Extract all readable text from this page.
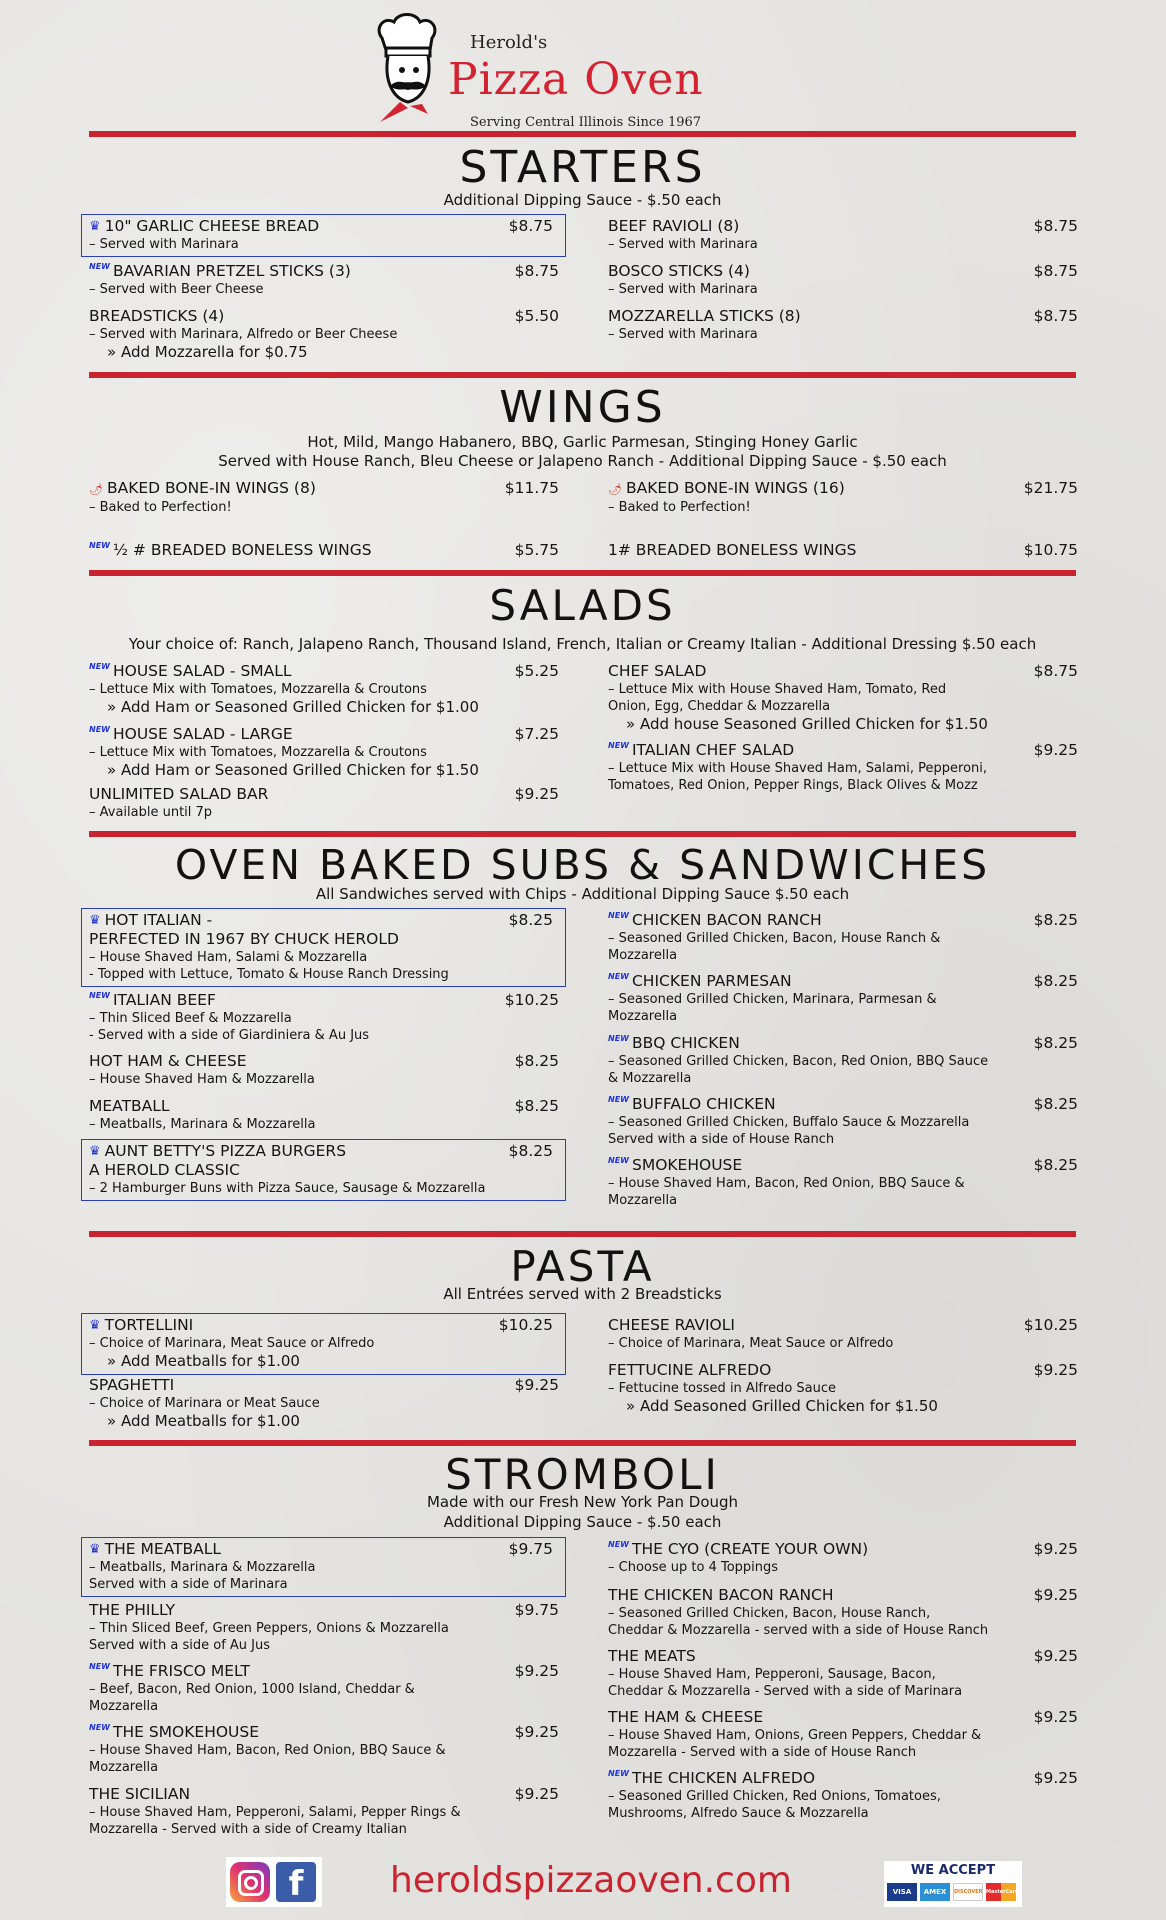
Herold's
Pizza Oven
Serving Central Illinois Since 1967
STARTERS
Additional Dipping Sauce - $.50 each
♛ 10" GARLIC CHEESE BREAD	$8.75
– Served with Marinara
NEW BAVARIAN PRETZEL STICKS (3)	$8.75
– Served with Beer Cheese
BREADSTICKS (4)	$5.50
– Served with Marinara, Alfredo or Beer Cheese
» Add Mozzarella for $0.75
BEEF RAVIOLI (8)	$8.75
– Served with Marinara
BOSCO STICKS (4)	$8.75
– Served with Marinara
MOZZARELLA STICKS (8)	$8.75
– Served with Marinara
WINGS
Hot, Mild, Mango Habanero, BBQ, Garlic Parmesan, Stinging Honey Garlic
Served with House Ranch, Bleu Cheese or Jalapeno Ranch - Additional Dipping Sauce - $.50 each
🌶 BAKED BONE-IN WINGS (8)	$11.75
– Baked to Perfection!
NEW ½ # BREADED BONELESS WINGS	$5.75
🌶 BAKED BONE-IN WINGS (16)	$21.75
– Baked to Perfection!
1# BREADED BONELESS WINGS	$10.75
SALADS
Your choice of: Ranch, Jalapeno Ranch, Thousand Island, French, Italian or Creamy Italian - Additional Dressing $.50 each
NEW HOUSE SALAD - SMALL	$5.25
– Lettuce Mix with Tomatoes, Mozzarella & Croutons
» Add Ham or Seasoned Grilled Chicken for $1.00
NEW HOUSE SALAD - LARGE	$7.25
– Lettuce Mix with Tomatoes, Mozzarella & Croutons
» Add Ham or Seasoned Grilled Chicken for $1.50
UNLIMITED SALAD BAR	$9.25
– Available until 7p
CHEF SALAD	$8.75
– Lettuce Mix with House Shaved Ham, Tomato, Red
Onion, Egg, Cheddar & Mozzarella
» Add house Seasoned Grilled Chicken for $1.50
NEW ITALIAN CHEF SALAD	$9.25
– Lettuce Mix with House Shaved Ham, Salami, Pepperoni,
Tomatoes, Red Onion, Pepper Rings, Black Olives & Mozz
OVEN BAKED SUBS & SANDWICHES
All Sandwiches served with Chips - Additional Dipping Sauce $.50 each
♛ HOT ITALIAN -	$8.25
PERFECTED IN 1967 BY CHUCK HEROLD
– House Shaved Ham, Salami & Mozzarella
- Topped with Lettuce, Tomato & House Ranch Dressing
NEW ITALIAN BEEF	$10.25
– Thin Sliced Beef & Mozzarella
- Served with a side of Giardiniera & Au Jus
HOT HAM & CHEESE	$8.25
– House Shaved Ham & Mozzarella
MEATBALL	$8.25
– Meatballs, Marinara & Mozzarella
♛ AUNT BETTY'S PIZZA BURGERS	$8.25
A HEROLD CLASSIC
– 2 Hamburger Buns with Pizza Sauce, Sausage & Mozzarella
NEW CHICKEN BACON RANCH	$8.25
– Seasoned Grilled Chicken, Bacon, House Ranch &
Mozzarella
NEW CHICKEN PARMESAN	$8.25
– Seasoned Grilled Chicken, Marinara, Parmesan &
Mozzarella
NEW BBQ CHICKEN	$8.25
– Seasoned Grilled Chicken, Bacon, Red Onion, BBQ Sauce
& Mozzarella
NEW BUFFALO CHICKEN	$8.25
– Seasoned Grilled Chicken, Buffalo Sauce & Mozzarella
Served with a side of House Ranch
NEW SMOKEHOUSE	$8.25
– House Shaved Ham, Bacon, Red Onion, BBQ Sauce &
Mozzarella
PASTA
All Entrées served with 2 Breadsticks
♛ TORTELLINI	$10.25
– Choice of Marinara, Meat Sauce or Alfredo
» Add Meatballs for $1.00
SPAGHETTI	$9.25
– Choice of Marinara or Meat Sauce
» Add Meatballs for $1.00
CHEESE RAVIOLI	$10.25
– Choice of Marinara, Meat Sauce or Alfredo
FETTUCINE ALFREDO	$9.25
– Fettucine tossed in Alfredo Sauce
» Add Seasoned Grilled Chicken for $1.50
STROMBOLI
Made with our Fresh New York Pan Dough
Additional Dipping Sauce - $.50 each
♛ THE MEATBALL	$9.75
– Meatballs, Marinara & Mozzarella
Served with a side of Marinara
THE PHILLY	$9.75
– Thin Sliced Beef, Green Peppers, Onions & Mozzarella
Served with a side of Au Jus
NEW THE FRISCO MELT	$9.25
– Beef, Bacon, Red Onion, 1000 Island, Cheddar &
Mozzarella
NEW THE SMOKEHOUSE	$9.25
– House Shaved Ham, Bacon, Red Onion, BBQ Sauce &
Mozzarella
THE SICILIAN	$9.25
– House Shaved Ham, Pepperoni, Salami, Pepper Rings &
Mozzarella - Served with a side of Creamy Italian
NEW THE CYO (CREATE YOUR OWN)	$9.25
– Choose up to 4 Toppings
THE CHICKEN BACON RANCH	$9.25
– Seasoned Grilled Chicken, Bacon, House Ranch,
Cheddar & Mozzarella - served with a side of House Ranch
THE MEATS	$9.25
– House Shaved Ham, Pepperoni, Sausage, Bacon,
Cheddar & Mozzarella - Served with a side of Marinara
THE HAM & CHEESE	$9.25
– House Shaved Ham, Onions, Green Peppers, Cheddar &
Mozzarella - Served with a side of House Ranch
NEW THE CHICKEN ALFREDO	$9.25
– Seasoned Grilled Chicken, Red Onions, Tomatoes,
Mushrooms, Alfredo Sauce & Mozzarella
f	heroldspizzaoven.com	WE ACCEPT
VISA	AMEX	DISCOVER MasterCard
